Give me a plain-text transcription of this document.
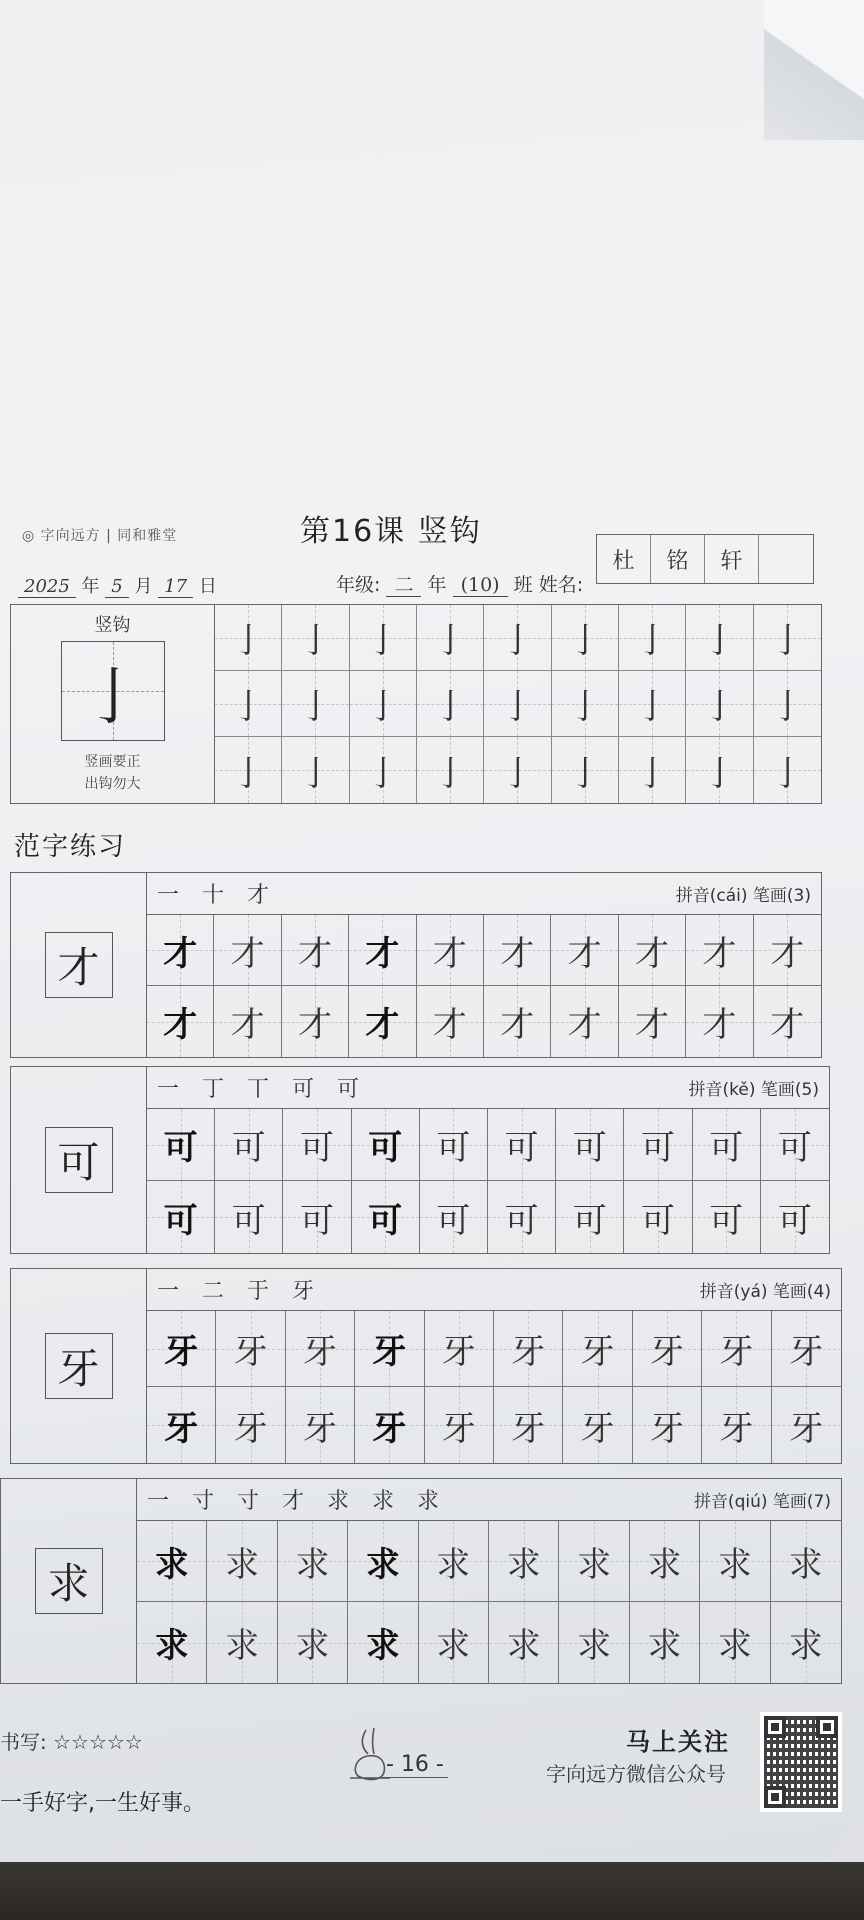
◎ 字向远方 | 同和雅堂	第16课 竖钩
2025 年 5 月 17 日	年级: 二 年 (10) 班 姓名:
杜	铭	轩
竖钩
亅
竖画要正
出钩勿大
亅 亅 亅 亅 亅 亅 亅 亅 亅
亅 亅 亅 亅 亅 亅 亅 亅 亅
亅 亅 亅 亅 亅 亅 亅 亅 亅
范字练习
才
一 十 才	拼音(cái) 笔画(3)
才 才 才 才 才 才 才 才 才 才
才 才 才 才 才 才 才 才 才 才
可
一 丁 丅 可 可	拼音(kě) 笔画(5)
可 可 可 可 可 可 可 可 可 可
可 可 可 可 可 可 可 可 可 可
牙
一 二 于 牙	拼音(yá) 笔画(4)
牙 牙 牙 牙 牙 牙 牙 牙 牙 牙
牙 牙 牙 牙 牙 牙 牙 牙 牙 牙
求
一 寸 寸 才 求 求 求	拼音(qiú) 笔画(7)
求 求 求 求 求 求 求 求 求 求
求 求 求 求 求 求 求 求 求 求
书写: ☆☆☆☆☆
一手好字,一生好事。
- 16 -
马上关注
字向远方微信公众号
